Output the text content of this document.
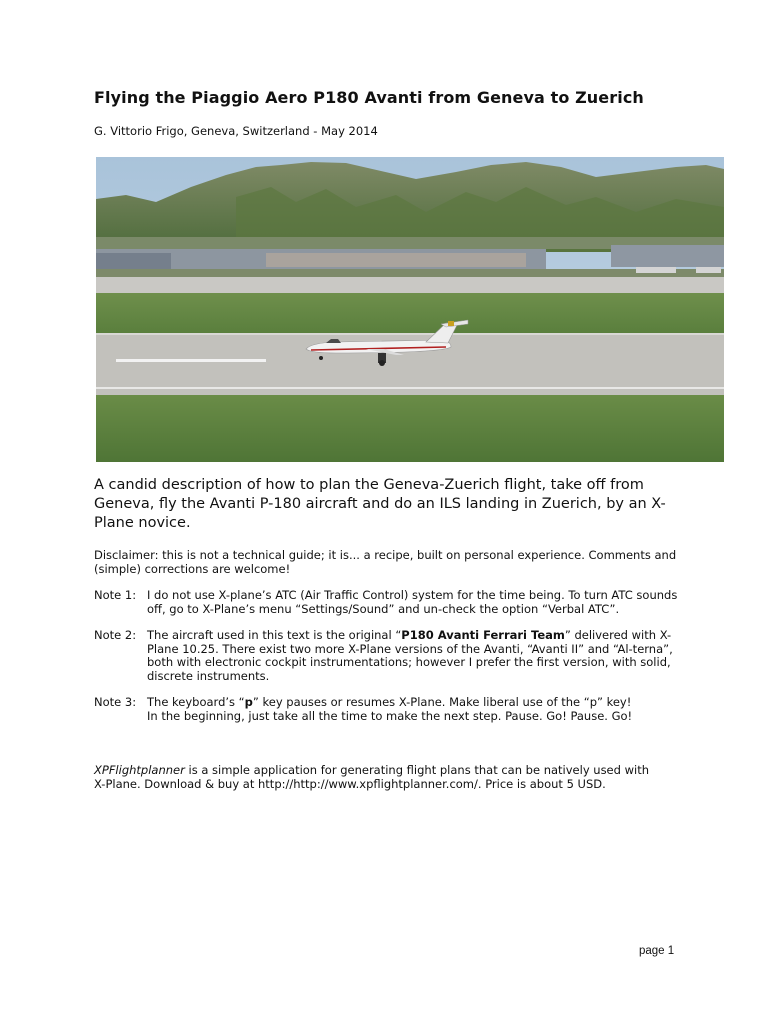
Flying the Piaggio Aero P180 Avanti from Geneva to Zuerich
G. Vittorio Frigo, Geneva, Switzerland - May 2014
A candid description of how to plan the Geneva-Zuerich flight, take off from Geneva, fly the Avanti P-180 aircraft and do an ILS landing in Zuerich, by an X-Plane novice.
Disclaimer: this is not a technical guide; it is... a recipe, built on personal experience. Comments and (simple) corrections are welcome!
Note 1: I do not use X-plane’s ATC (Air Traffic Control) system for the time being. To turn ATC sounds off, go to X-Plane’s menu “Settings/Sound” and un-check the option “Verbal ATC”.
Note 2: The aircraft used in this text is the original “P180 Avanti Ferrari Team” delivered with X-Plane 10.25. There exist two more X-Plane versions of the Avanti, “Avanti II” and “Al-terna”, both with electronic cockpit instrumentations; however I prefer the first version, with solid, discrete instruments.
Note 3: The keyboard’s “p” key pauses or resumes X-Plane. Make liberal use of the “p” key!
In the beginning, just take all the time to make the next step. Pause. Go! Pause. Go!
XPFlightplanner is a simple application for generating flight plans that can be natively used with X-Plane. Download & buy at http://http://www.xpflightplanner.com/. Price is about 5 USD.
page 1
